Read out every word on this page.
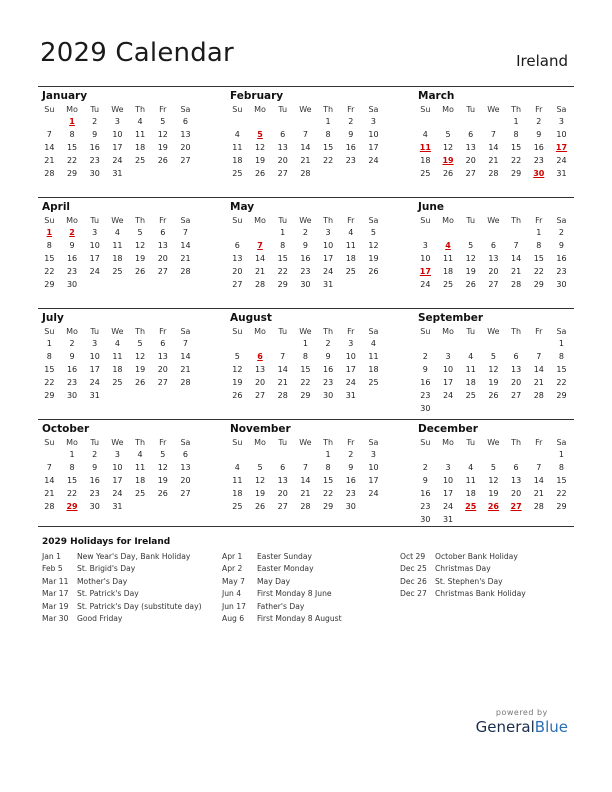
2029 Calendar	Ireland
January
Su	Mo	Tu	We	Th	Fr	Sa
	1	2	3	4	5	6
7	8	9	10	11	12	13
14	15	16	17	18	19	20
21	22	23	24	25	26	27
28	29	30	31			
February
Su	Mo	Tu	We	Th	Fr	Sa
				1	2	3
4	5	6	7	8	9	10
11	12	13	14	15	16	17
18	19	20	21	22	23	24
25	26	27	28			
March
Su	Mo	Tu	We	Th	Fr	Sa
				1	2	3
4	5	6	7	8	9	10
11	12	13	14	15	16	17
18	19	20	21	22	23	24
25	26	27	28	29	30	31
April
Su	Mo	Tu	We	Th	Fr	Sa
1	2	3	4	5	6	7
8	9	10	11	12	13	14
15	16	17	18	19	20	21
22	23	24	25	26	27	28
29	30					
May
Su	Mo	Tu	We	Th	Fr	Sa
		1	2	3	4	5
6	7	8	9	10	11	12
13	14	15	16	17	18	19
20	21	22	23	24	25	26
27	28	29	30	31		
June
Su	Mo	Tu	We	Th	Fr	Sa
					1	2
3	4	5	6	7	8	9
10	11	12	13	14	15	16
17	18	19	20	21	22	23
24	25	26	27	28	29	30
July
Su	Mo	Tu	We	Th	Fr	Sa
1	2	3	4	5	6	7
8	9	10	11	12	13	14
15	16	17	18	19	20	21
22	23	24	25	26	27	28
29	30	31				
August
Su	Mo	Tu	We	Th	Fr	Sa
			1	2	3	4
5	6	7	8	9	10	11
12	13	14	15	16	17	18
19	20	21	22	23	24	25
26	27	28	29	30	31	
September
Su	Mo	Tu	We	Th	Fr	Sa
						1
2	3	4	5	6	7	8
9	10	11	12	13	14	15
16	17	18	19	20	21	22
23	24	25	26	27	28	29
30						
October
Su	Mo	Tu	We	Th	Fr	Sa
	1	2	3	4	5	6
7	8	9	10	11	12	13
14	15	16	17	18	19	20
21	22	23	24	25	26	27
28	29	30	31			
November
Su	Mo	Tu	We	Th	Fr	Sa
				1	2	3
4	5	6	7	8	9	10
11	12	13	14	15	16	17
18	19	20	21	22	23	24
25	26	27	28	29	30	
December
Su	Mo	Tu	We	Th	Fr	Sa
						1
2	3	4	5	6	7	8
9	10	11	12	13	14	15
16	17	18	19	20	21	22
23	24	25	26	27	28	29
30	31					
2029 Holidays for Ireland
Jan 1 New Year's Day, Bank Holiday
Feb 5 St. Brigid's Day
Mar 11 Mother's Day
Mar 17 St. Patrick's Day
Mar 19 St. Patrick's Day (substitute day)
Mar 30 Good Friday
Apr 1 Easter Sunday
Apr 2 Easter Monday
May 7 May Day
Jun 4 First Monday 8 June
Jun 17 Father's Day
Aug 6 First Monday 8 August
Oct 29 October Bank Holiday
Dec 25 Christmas Day
Dec 26 St. Stephen's Day
Dec 27 Christmas Bank Holiday
powered by
GeneralBlue
